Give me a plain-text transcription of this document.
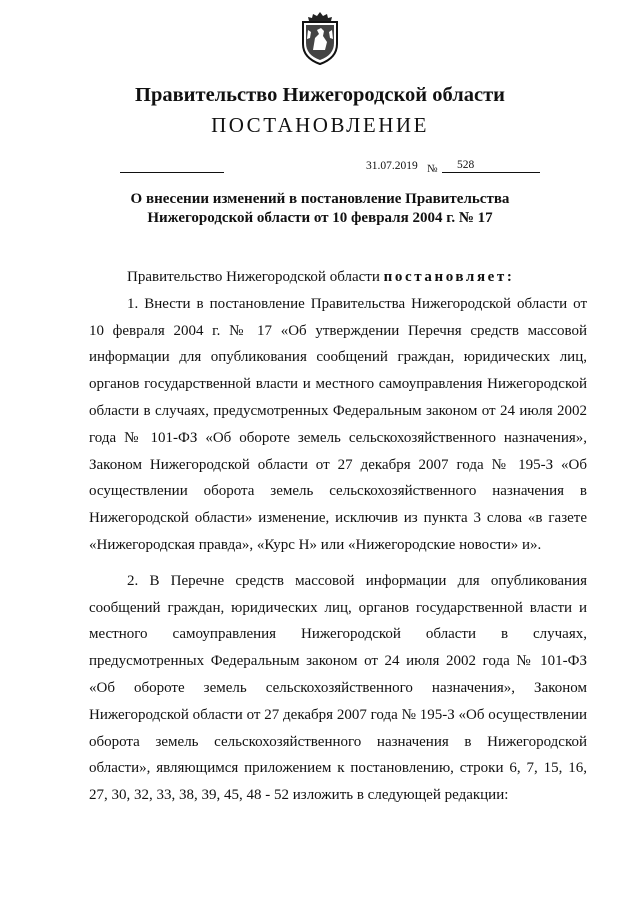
Правительство Нижегородской области
ПОСТАНОВЛЕНИЕ
31.07.2019 № 528
О внесении изменений в постановление Правительства
Нижегородской области от 10 февраля 2004 г. № 17

Правительство Нижегородской области постановляет:

1. Внести в постановление Правительства Нижегородской области от 10 февраля 2004 г. № 17 «Об утверждении Перечня средств массовой информации для опубликования сообщений граждан, юридических лиц, органов государственной власти и местного самоуправления Нижегородской области в случаях, предусмотренных Федеральным законом от 24 июля 2002 года № 101-ФЗ «Об обороте земель сельскохозяйственного назначения», Законом Нижегородской области от 27 декабря 2007 года № 195-З «Об осуществлении оборота земель сельскохозяйственного назначения в Нижегородской области» изменение, исключив из пункта 3 слова «в газете «Нижегородская правда», «Курс Н» или «Нижегородские новости» и».

2. В Перечне средств массовой информации для опубликования сообщений граждан, юридических лиц, органов государственной власти и местного самоуправления Нижегородской области в случаях, предусмотренных Федеральным законом от 24 июля 2002 года № 101-ФЗ «Об обороте земель сельскохозяйственного назначения», Законом Нижегородской области от 27 декабря 2007 года № 195-З «Об осуществлении оборота земель сельскохозяйственного назначения в Нижегородской области», являющимся приложением к постановлению, строки 6, 7, 15, 16, 27, 30, 32, 33, 38, 39, 45, 48 - 52 изложить в следующей редакции:
